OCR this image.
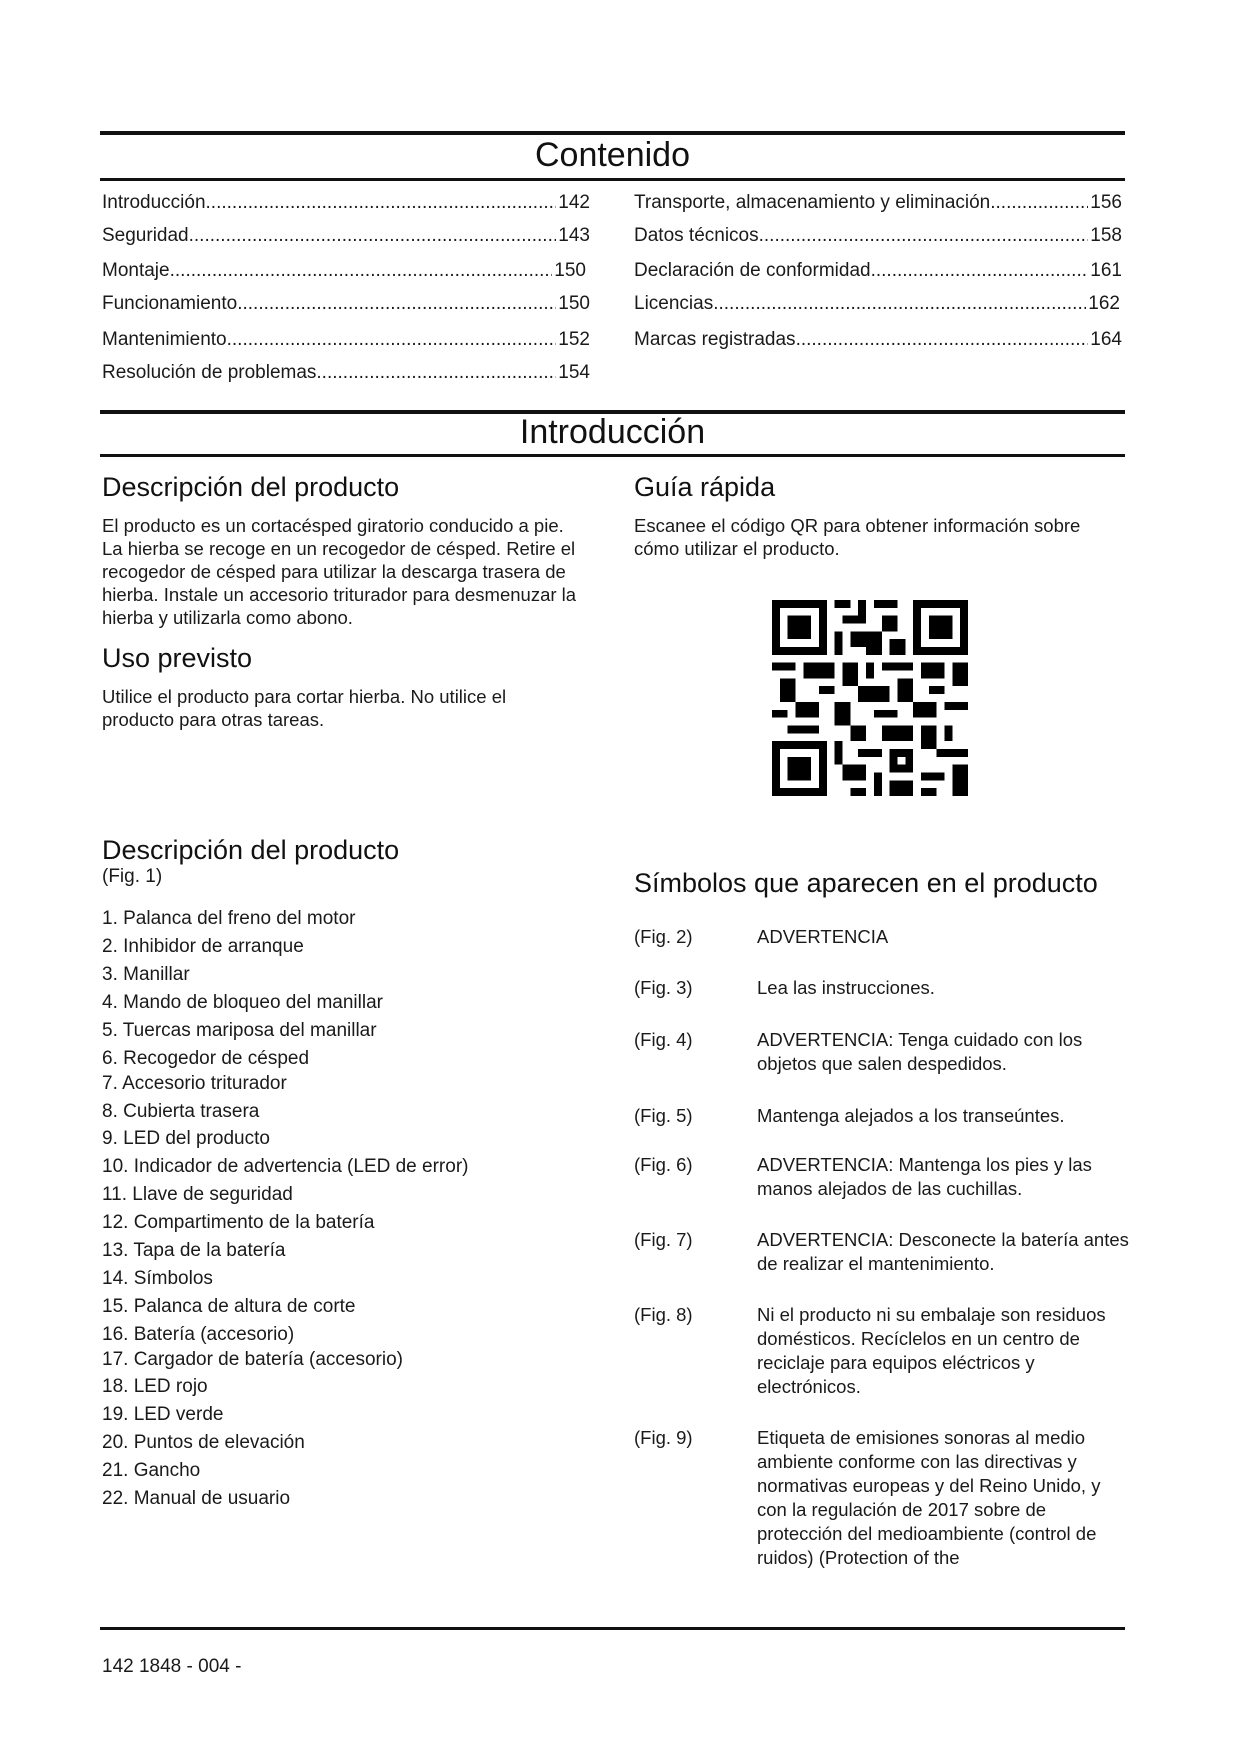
Contenido
Introducción .....	142
Seguridad .....	143
Montaje .....	150
Funcionamiento .....	150
Mantenimiento .....	152
Resolución de problemas .....	154
Transporte, almacenamiento y eliminación .....	156
Datos técnicos .....	158
Declaración de conformidad .....	161
Licencias .....	162
Marcas registradas .....	164
Introducción
Descripción del producto

El producto es un cortacésped giratorio conducido a pie. La hierba se recoge en un recogedor de césped. Retire el recogedor de césped para utilizar la descarga trasera de hierba. Instale un accesorio triturador para desmenuzar la hierba y utilizarla como abono.

Uso previsto

Utilice el producto para cortar hierba. No utilice el producto para otras tareas.

Guía rápida

Escanee el código QR para obtener información sobre cómo utilizar el producto.

Descripción del producto
(Fig. 1)
1. Palanca del freno del motor
2. Inhibidor de arranque
3. Manillar
4. Mando de bloqueo del manillar
5. Tuercas mariposa del manillar
6. Recogedor de césped
7. Accesorio triturador
8. Cubierta trasera
9. LED del producto
10. Indicador de advertencia (LED de error)
11. Llave de seguridad
12. Compartimento de la batería
13. Tapa de la batería
14. Símbolos
15. Palanca de altura de corte
16. Batería (accesorio)
17. Cargador de batería (accesorio)
18. LED rojo
19. LED verde
20. Puntos de elevación
21. Gancho
22. Manual de usuario
Símbolos que aparecen en el producto
(Fig. 2)	ADVERTENCIA
(Fig. 3)	Lea las instrucciones.
(Fig. 4)	ADVERTENCIA: Tenga cuidado con los objetos que salen despedidos.
(Fig. 5)	Mantenga alejados a los transeúntes.
(Fig. 6)	ADVERTENCIA: Mantenga los pies y las manos alejados de las cuchillas.
(Fig. 7)	ADVERTENCIA: Desconecte la batería antes de realizar el mantenimiento.
(Fig. 8)	Ni el producto ni su embalaje son residuos domésticos. Recíclelos en un centro de reciclaje para equipos eléctricos y electrónicos.
(Fig. 9)	Etiqueta de emisiones sonoras al medio ambiente conforme con las directivas y normativas europeas y del Reino Unido, y con la regulación de 2017 sobre de protección del medioambiente (control de ruidos) (Protection of the
142 1848 - 004 -
